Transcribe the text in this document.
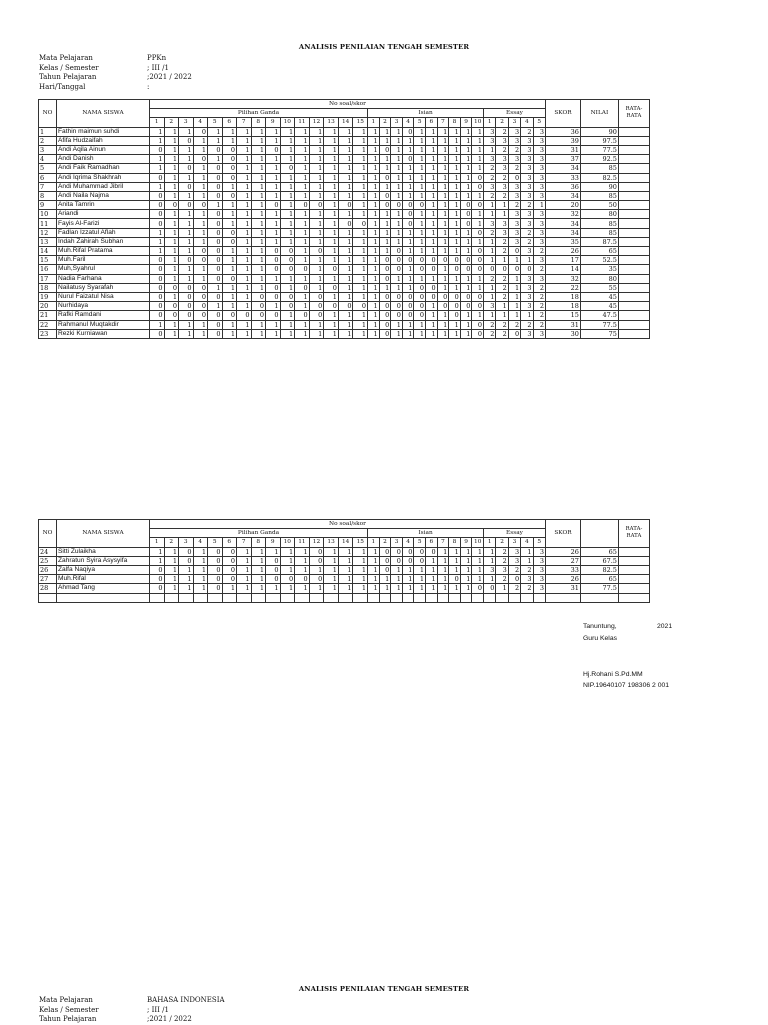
ANALISIS PENILAIAN TENGAH SEMESTER
Mata Pelajaran	PPKn
Kelas / Semester	; III /1
Tahun Pelajaran	;2021 / 2022
Hari/Tanggal	:
NO	NAMA SISWA	No soal/skor																														SKOR	NILAI	RATA-RATA
		Pilihan Ganda															Isian										Essay							
		1	2	3	4	5	6	7	8	9	10	11	12	13	14	15	1	2	3	4	5	6	7	8	9	10	1	2	3	4	5			
1	Fathin maimun suhdi	1	1	1	0	1	1	1	1	1	1	1	1	1	1	1	1	1	1	0	1	1	1	1	1	1	3	2	3	2	3	36	90	
2	Afifa Hudzaifah	1	1	0	1	1	1	1	1	1	1	1	1	1	1	1	1	1	1	1	1	1	1	1	1	1	3	3	3	3	3	39	97.5	
3	Andi Aqila Ainun	0	1	1	1	0	0	1	1	0	1	1	1	1	1	1	1	0	1	1	1	1	1	1	1	1	1	2	2	3	3	31	77.5	
4	Andi Danish	1	1	1	0	1	0	1	1	1	1	1	1	1	1	1	1	1	1	0	1	1	1	1	1	1	3	3	3	3	3	37	92.5	
5	Andi Faik Ramadhan	1	1	0	1	0	0	1	1	1	0	1	1	1	1	1	1	1	1	1	1	1	1	1	1	1	2	3	2	3	3	34	85	
6	Andi Iqrima Shakhrah	0	1	1	1	0	0	1	1	1	1	1	1	1	1	1	1	0	1	1	1	1	1	1	1	0	2	2	0	3	3	33	82.5	
7	Andi Muhammad Jibril	1	1	0	1	0	1	1	1	1	1	1	1	1	1	1	1	1	1	1	1	1	1	1	1	0	3	3	3	3	3	36	90	
8	Andi Naila Najma	0	1	1	1	0	0	1	1	1	1	1	1	1	1	1	1	0	1	1	1	1	1	1	1	1	2	2	3	3	3	34	85	
9	Anita Tamrin	0	0	0	0	1	1	1	1	0	1	0	0	1	0	1	1	0	0	0	0	1	1	1	0	0	1	1	2	2	1	20	50	
10	Ariandi	0	1	1	1	0	1	1	1	1	1	1	1	1	1	1	1	1	1	0	1	1	1	1	0	1	1	1	3	3	3	32	80	
11	Fayis Al-Farizi	0	1	1	1	0	1	1	1	1	1	1	1	1	0	0	1	1	1	0	1	1	1	1	0	1	3	3	3	3	3	34	85	
12	Fadlan Izzatul Aflah	1	1	1	1	0	0	1	1	1	1	1	1	1	1	1	1	1	1	1	1	1	1	1	1	0	2	3	3	2	3	34	85	
13	Indah Zahirah Subhan	1	1	1	1	0	0	1	1	1	1	1	1	1	1	1	1	1	1	1	1	1	1	1	1	1	1	2	3	2	3	35	87.5	
14	Muh.Rifal Pratama	1	1	1	0	0	1	1	1	0	0	1	0	1	1	1	1	1	0	1	1	1	1	1	1	0	1	2	0	3	2	26	65	
15	Muh.Faril	0	1	0	0	0	1	1	1	0	0	1	1	1	1	1	1	0	0	0	0	0	0	0	0	0	1	1	1	1	3	17	52.5	
16	Muh,Syahrul	0	1	1	1	0	1	1	1	0	0	0	1	0	1	1	1	0	0	1	0	0	1	0	0	0	0	0	0	0	2	14	35	
17	Nadia Farhana	0	1	1	1	0	0	1	1	1	1	1	1	1	1	1	1	0	1	1	1	1	1	1	1	1	2	2	1	3	3	32	80	
18	Nailatusy Syarafah	0	0	0	0	1	1	1	1	0	1	0	1	0	1	1	1	1	1	1	0	0	1	1	1	1	1	2	1	3	2	22	55	
19	Nurul Faizatul Nisa	0	1	0	0	0	1	1	0	0	0	1	0	1	1	1	1	0	0	0	0	0	0	0	0	0	1	2	1	3	2	18	45	
20	Nurhidaya	0	0	0	0	1	1	1	0	1	0	1	0	0	0	0	1	0	0	0	0	1	0	0	0	0	3	1	1	3	2	18	45	
21	Rafki Ramdani	0	0	0	0	0	0	0	0	0	1	0	0	1	1	1	1	0	0	0	0	1	1	0	1	1	1	1	1	1	2	15	47.5	
22	Rahmanul Muqtakdir	1	1	1	1	0	1	1	1	1	1	1	1	1	1	1	1	0	1	1	1	1	1	1	1	0	2	2	2	2	2	31	77.5	
23	Rezki Kurniawan	0	1	1	1	0	1	1	1	1	1	1	1	1	1	1	1	0	1	1	1	1	1	1	1	0	2	2	0	3	3	30	75	
NO	NAMA SISWA	No soal/skor																														SKOR		RATA-RATA
		Pilihan Ganda															Isian										Essay							
		1	2	3	4	5	6	7	8	9	10	11	12	13	14	15	1	2	3	4	5	6	7	8	9	10	1	2	3	4	5			
24	Sitti Zulaikha	1	1	0	1	0	0	1	1	1	1	1	0	1	1	1	1	0	0	0	0	0	1	1	1	1	1	2	3	1	3	26	65	
25	Zahratun Syira Asysyifa	1	1	0	1	0	0	1	1	0	1	1	0	1	1	1	1	0	0	0	0	1	1	1	1	1	1	2	3	1	3	27	67.5	
26	Zalfa Naqiya	0	1	1	1	0	0	1	1	0	1	1	1	1	1	1	1	0	1	1	1	1	1	1	1	1	3	3	2	2	3	33	82.5	
27	Muh.Rifal	0	1	1	1	0	0	1	1	0	0	0	0	1	1	1	1	1	1	1	1	1	1	0	1	1	1	2	0	3	3	26	65	
28	Ahmad Tang	0	1	1	1	0	1	1	1	1	1	1	1	1	1	1	1	1	1	1	1	1	1	1	1	0	0	1	2	2	3	31	77.5	

Tanuntung,	2021
Guru Kelas
Hj.Rohani S.Pd.MM
NIP.19640107 198306 2 001
ANALISIS PENILAIAN TENGAH SEMESTER
Mata Pelajaran	BAHASA INDONESIA
Kelas / Semester	; III /1
Tahun Pelajaran	;2021 / 2022
